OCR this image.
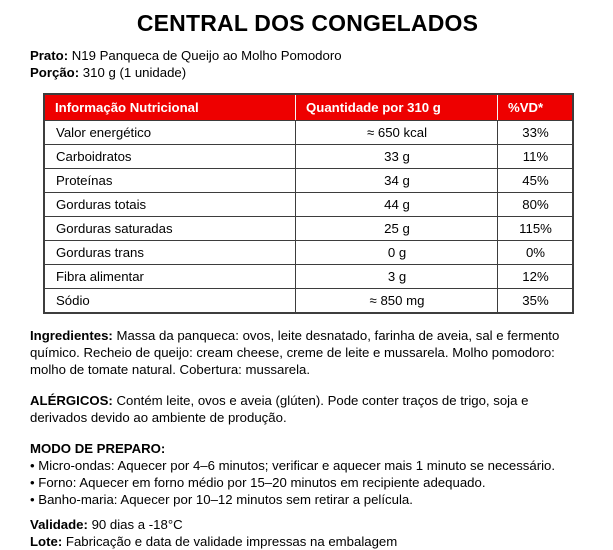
CENTRAL DOS CONGELADOS

Prato: N19 Panqueca de Queijo ao Molho Pomodoro

Porção: 310 g (1 unidade)

Informação Nutricional	Quantidade por 310 g	%VD*
Valor energético	≈ 650 kcal	33%
Carboidratos	33 g	11%
Proteínas	34 g	45%
Gorduras totais	44 g	80%
Gorduras saturadas	25 g	115%
Gorduras trans	0 g	0%
Fibra alimentar	3 g	12%
Sódio	≈ 850 mg	35%

Ingredientes: Massa da panqueca: ovos, leite desnatado, farinha de aveia, sal e fermento químico. Recheio de queijo: cream cheese, creme de leite e mussarela. Molho pomodoro: molho de tomate natural. Cobertura: mussarela.

ALÉRGICOS: Contém leite, ovos e aveia (glúten). Pode conter traços de trigo, soja e derivados devido ao ambiente de produção.

MODO DE PREPARO:

• Micro-ondas: Aquecer por 4–6 minutos; verificar e aquecer mais 1 minuto se necessário.

• Forno: Aquecer em forno médio por 15–20 minutos em recipiente adequado.

• Banho-maria: Aquecer por 10–12 minutos sem retirar a película.

Validade: 90 dias a -18°C

Lote: Fabricação e data de validade impressas na embalagem
